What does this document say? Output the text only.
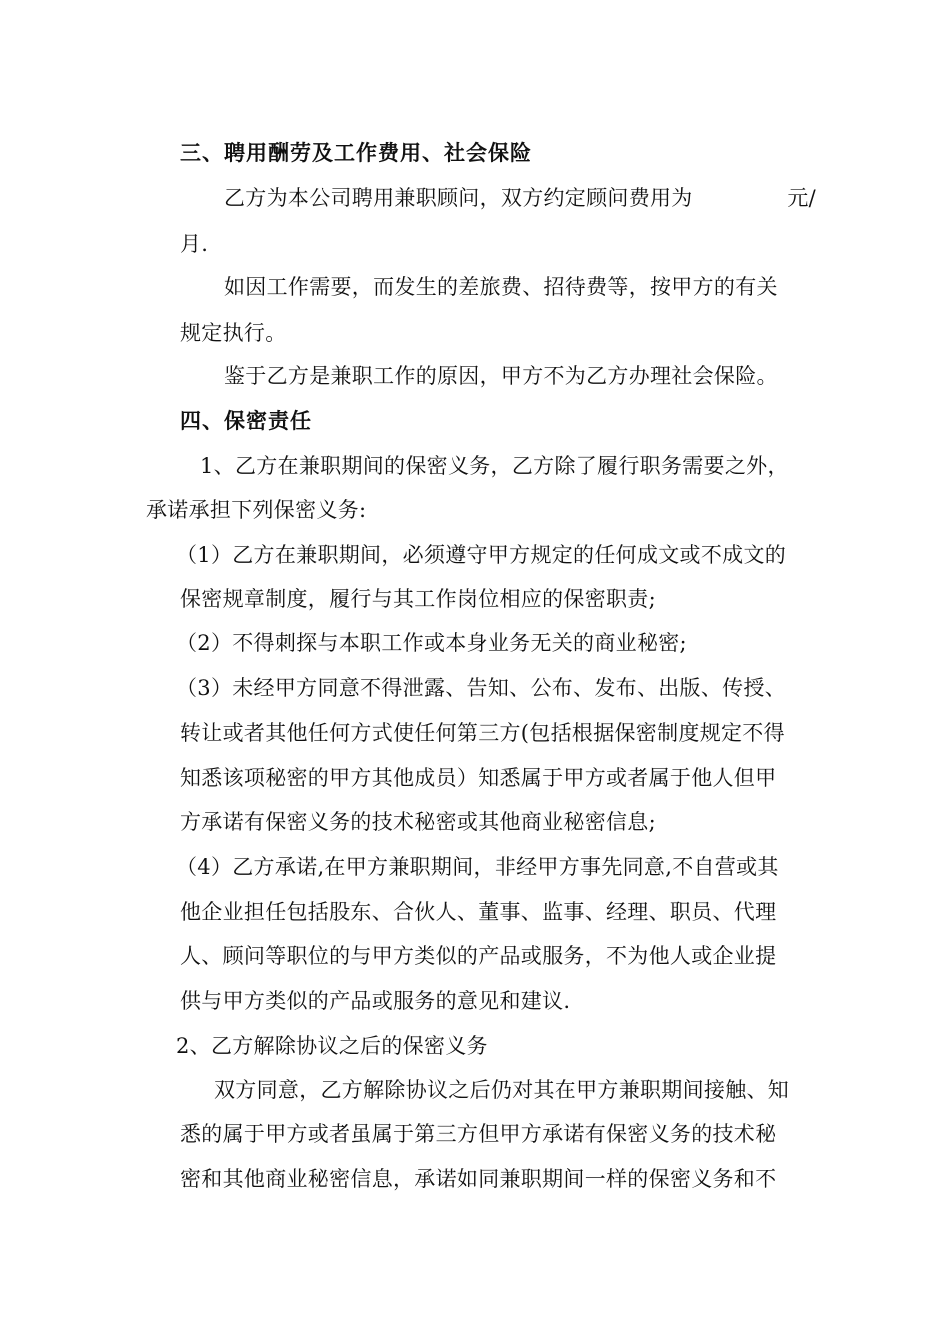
三、聘用酬劳及工作费用、社会保险
乙方为本公司聘用兼职顾问，双方约定顾问费用为	元/
月.
如因工作需要，而发生的差旅费、招待费等，按甲方的有关
规定执行。
鉴于乙方是兼职工作的原因，甲方不为乙方办理社会保险。
四、保密责任
1、乙方在兼职期间的保密义务，乙方除了履行职务需要之外，
承诺承担下列保密义务:
（1）乙方在兼职期间，必须遵守甲方规定的任何成文或不成文的
保密规章制度，履行与其工作岗位相应的保密职责;
（2）不得刺探与本职工作或本身业务无关的商业秘密;
（3）未经甲方同意不得泄露、告知、公布、发布、出版、传授、
转让或者其他任何方式使任何第三方(包括根据保密制度规定不得
知悉该项秘密的甲方其他成员）知悉属于甲方或者属于他人但甲
方承诺有保密义务的技术秘密或其他商业秘密信息;
（4）乙方承诺,在甲方兼职期间，非经甲方事先同意,不自营或其
他企业担任包括股东、合伙人、董事、监事、经理、职员、代理
人、顾问等职位的与甲方类似的产品或服务，不为他人或企业提
供与甲方类似的产品或服务的意见和建议.
2、乙方解除协议之后的保密义务
双方同意，乙方解除协议之后仍对其在甲方兼职期间接触、知
悉的属于甲方或者虽属于第三方但甲方承诺有保密义务的技术秘
密和其他商业秘密信息，承诺如同兼职期间一样的保密义务和不
